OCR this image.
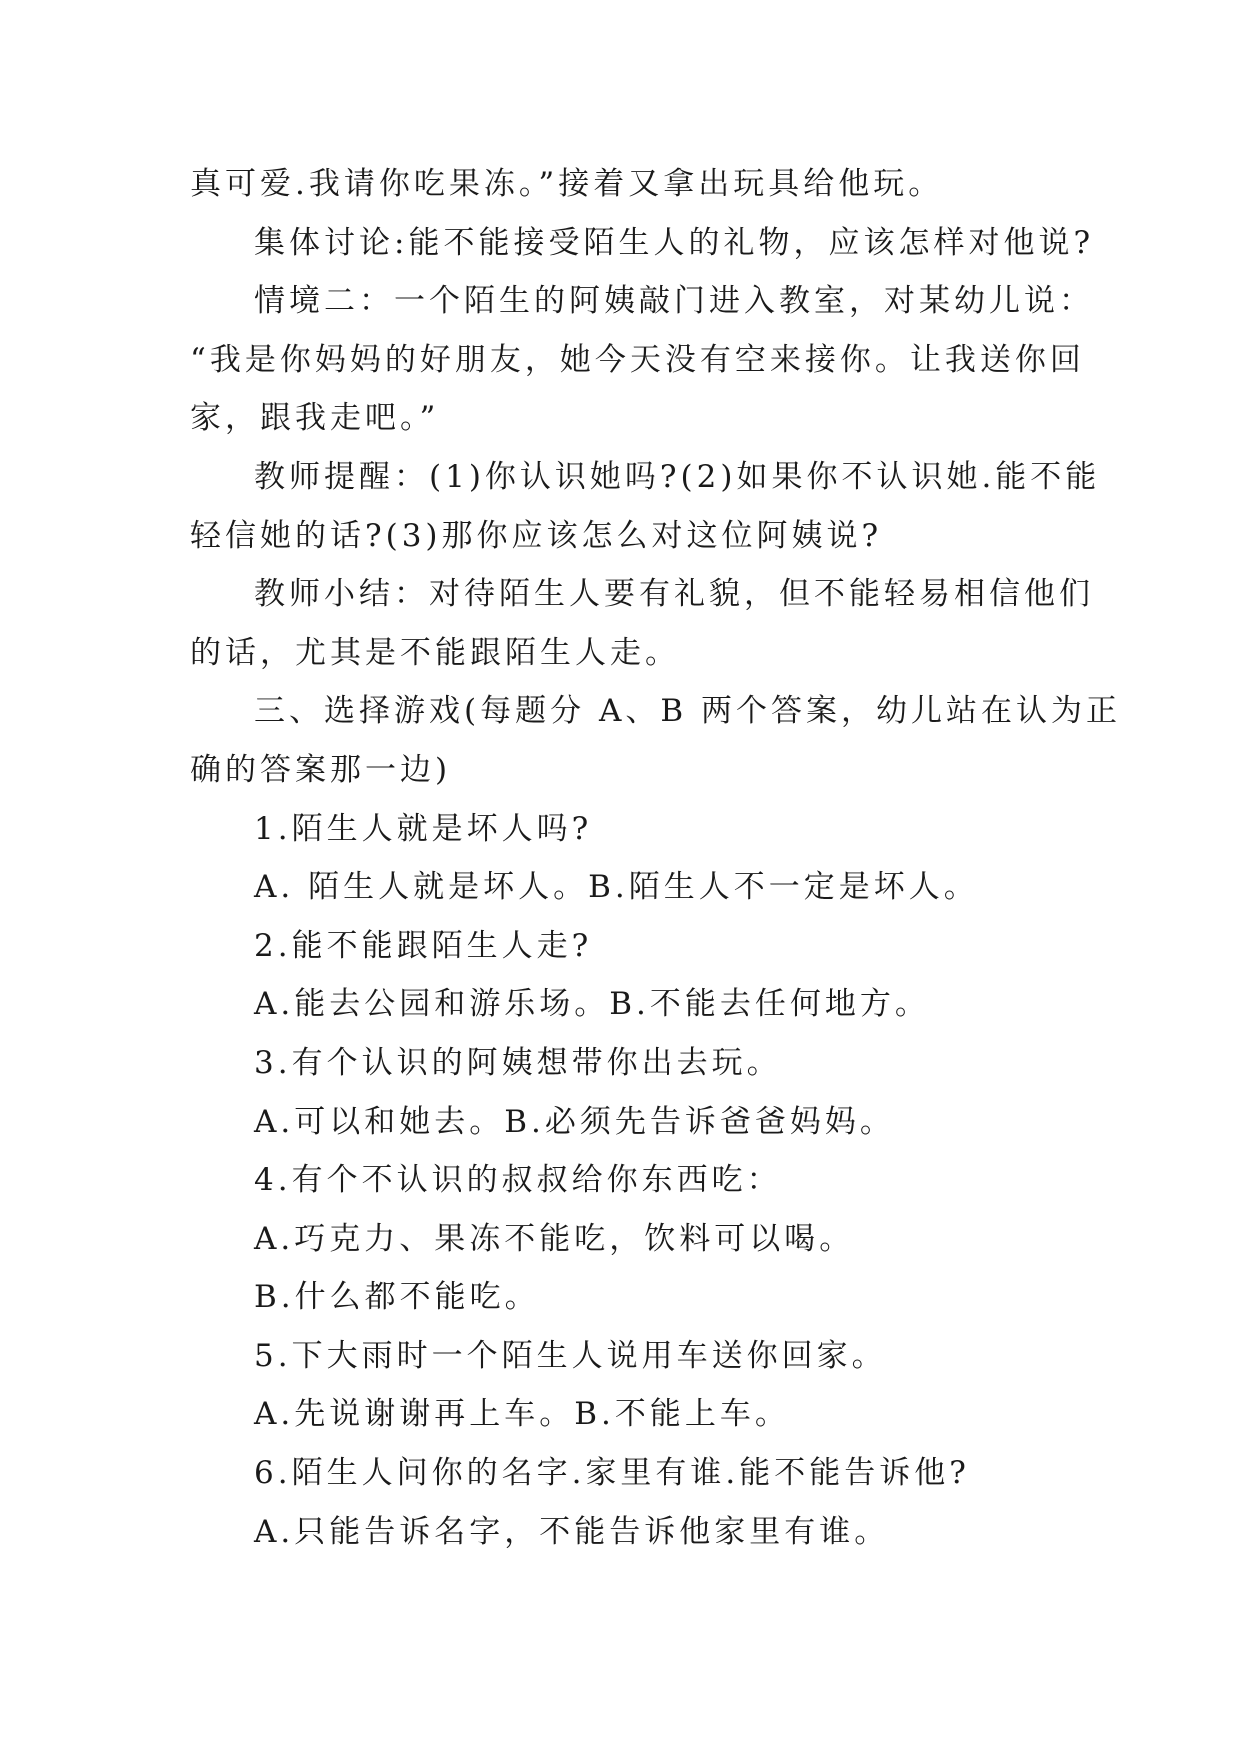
真可爱.我请你吃果冻。”接着又拿出玩具给他玩。

集体讨论:能不能接受陌生人的礼物，应该怎样对他说?

情境二：一个陌生的阿姨敲门进入教室，对某幼儿说：

“我是你妈妈的好朋友，她今天没有空来接你。让我送你回

家，跟我走吧。”

教师提醒：(1)你认识她吗?(2)如果你不认识她.能不能

轻信她的话?(3)那你应该怎么对这位阿姨说?

教师小结：对待陌生人要有礼貌，但不能轻易相信他们

的话，尤其是不能跟陌生人走。

三、选择游戏(每题分 A、B 两个答案，幼儿站在认为正

确的答案那一边)

1.陌生人就是坏人吗?

A. 陌生人就是坏人。B.陌生人不一定是坏人。

2.能不能跟陌生人走?

A.能去公园和游乐场。B.不能去任何地方。

3.有个认识的阿姨想带你出去玩。

A.可以和她去。B.必须先告诉爸爸妈妈。

4.有个不认识的叔叔给你东西吃：

A.巧克力、果冻不能吃，饮料可以喝。

B.什么都不能吃。

5.下大雨时一个陌生人说用车送你回家。

A.先说谢谢再上车。B.不能上车。

6.陌生人问你的名字.家里有谁.能不能告诉他?

A.只能告诉名字，不能告诉他家里有谁。
